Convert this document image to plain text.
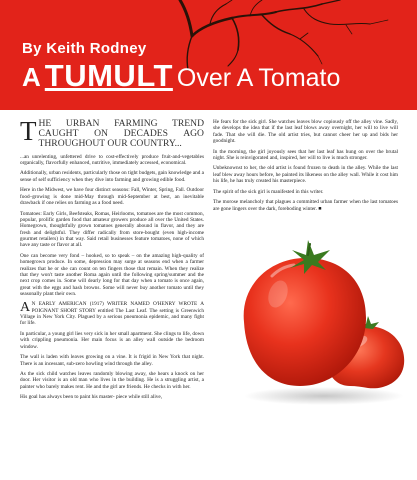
By Keith Rodney
A TUMULT Over A Tomato
THE URBAN FARMING TREND CAUGHT ON DECADES AGO THROUGHOUT OUR COUNTRY...

...an unrelenting, unfettered drive to cost-effectively produce fruit-and-vegetables organically, flavorfully enhanced, nutritive, immediately accessed, economical.

Additionally, urban residents, particularly those on tight budgets, gain knowledge and a sense of self sufficiency when they dive into farming and growing edible food.

Here in the Midwest, we have four distinct seasons: Fall, Winter, Spring, Fall. Outdoor food–growing is done mid-May through mid-September at best, an inevitable drawback if one relies on farming as a food need.

Tomatoes: Early Girls, Beefsteaks, Romas, Heirlooms, tomatoes are the most common, popular, prolific garden food that amateur growers produce all over the United States. Homegrown, thoughtfully grown tomatoes generally abound in flavor, and they are fresh and delightful. They differ radically from store-bought (even high-income gourmet retailers) in that way. Said retail businesses feature tomatoes, none of which have any taste or flavor at all.

One can become very fond – hooked, so to speak – on the amazing high-quality of homegrown produce. In some, depression may surge at seasons end when a farmer realizes that he or she can count on ten fingers those that remain. When they realize that they won't taste another Roma again until the following spring/summer and the next crop comes in. Some will dearly long for that day when a tomato is once again, great with the eggs and hash browns. Some will never buy another tomato until they seasonally plant their own.

A N EARLY AMERICAN (1917) WRITER NAMED O'HENRY WROTE A POIGNANT SHORT STORY entitled The Last Leaf. The setting is Greenwich Village in New York City. Plagued by a serious pneumonia epidemic, and many fight for life.

In particular, a young girl lies very sick in her small apartment. She clings to life, down with crippling pneumonia. Her main focus is an alley wall outside the bedroom window.

The wall is laden with leaves growing on a vine. It is frigid in New York that night. There is an incessant, sub-zero howling wind through the alley.

As the sick child watches leaves randomly blowing away, she hears a knock on her door. Her visitor is an old man who lives in the building. He is a struggling artist, a painter who barely makes rent. He and the girl are friends. He checks in with her.

His goal has always been to paint his master- piece while still alive,

He fears for the sick girl. She watches leaves blow copiously off the alley vine. Sadly, she develops the idea that if the last leaf blows away overnight, her will to live will fade. That she will die. The old artist tries, but cannot cheer her up and bids her goodnight.

In the morning, the girl joyously sees that her last leaf has hung on over the brutal night. She is reinvigorated and, inspired, her will to live is much stronger.

Unbeknownst to her, the old artist is found frozen to death in the alley. While the last leaf blew away hours before, he painted its likeness on the alley wall. While it cost him his life, he has truly created his masterpiece.

The spirit of the sick girl is manifested in this writer.

The morose melancholy that plagues a committed urban farmer when the last tomatoes are gone lingers over the dark, foreboding winter. ■
